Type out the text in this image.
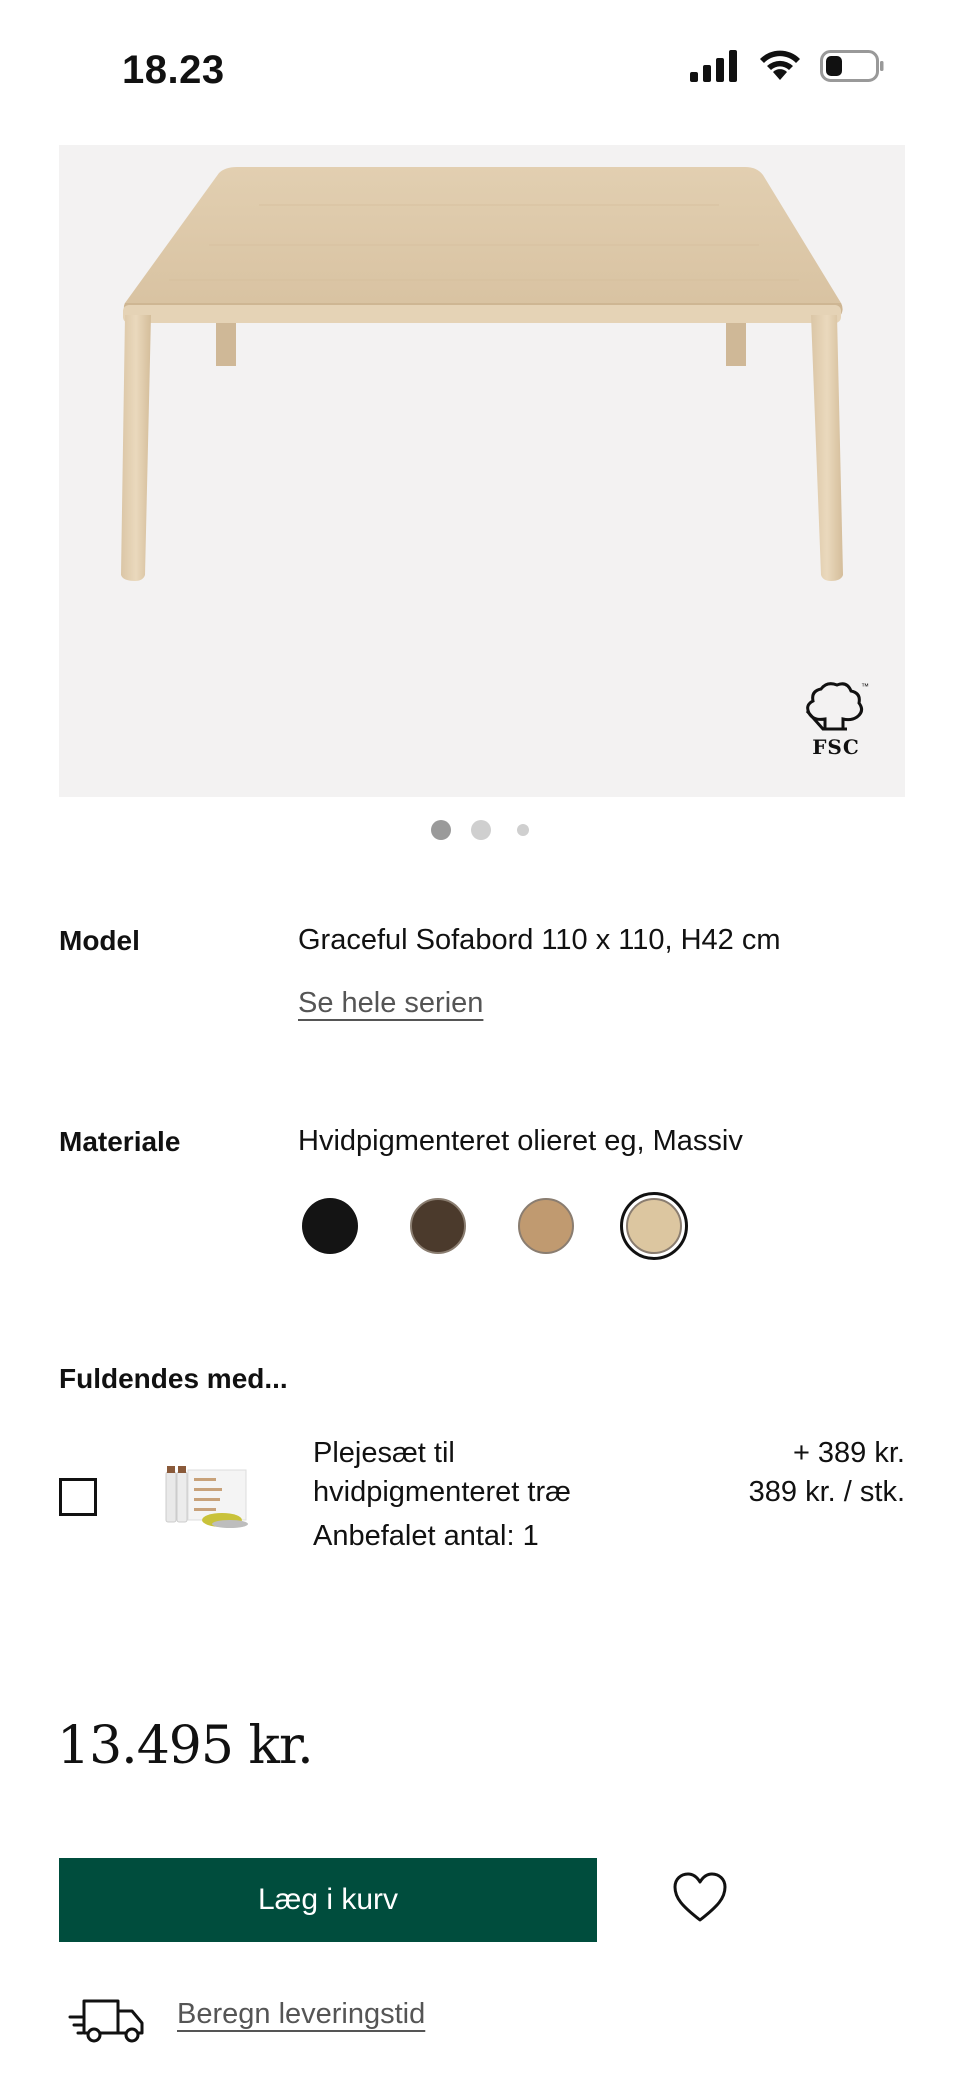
18.23
™
FSC
Model	Graceful Sofabord 110 x 110, H42 cm
Se hele serien
Materiale	Hvidpigmenteret olieret eg, Massiv
Fuldendes med...
Plejesæt til hvidpigmenteret træ
Anbefalet antal: 1
+ 389 kr.
389 kr. / stk.
13.495 kr.
Læg i kurv
Beregn leveringstid
